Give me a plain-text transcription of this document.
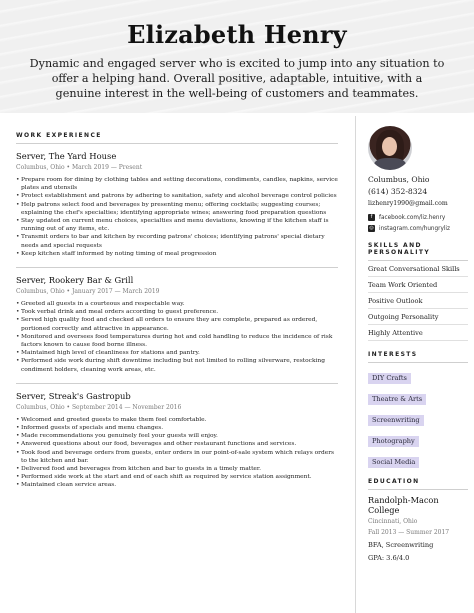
Elizabeth Henry
Dynamic and engaged server who is excited to jump into any situation to offer a helping hand. Overall positive, adaptable, intuitive, with a genuine interest in the well-being of customers and teammates.
WORK EXPERIENCE
Server, The Yard House
Columbus, Ohio • March 2019 — Present
• Prepare room for dining by clothing tables and setting decorations, condiments, candles, napkins, service plates and utensils
• Protect establishment and patrons by adhering to sanitation, safety and alcohol beverage control policies
• Help patrons select food and beverages by presenting menu; offering cocktails; suggesting courses; explaining the chef's specialties; identifying appropriate wines; answering food preparation questions
• Stay updated on current menu choices, specialties and menu deviations, knowing if the kitchen staff is running out of any items, etc.
• Transmit orders to bar and kitchen by recording patrons' choices; identifying patrons' special dietary needs and special requests
• Keep kitchen staff informed by noting timing of meal progression
Server, Rookery Bar & Grill
Columbus, Ohio • January 2017 — March 2019
• Greeted all guests in a courteous and respectable way.
• Took verbal drink and meal orders according to guest preference.
• Served high quality food and checked all orders to ensure they are complete, prepared as ordered, portioned correctly and attractive in appearance.
• Monitored and oversees food temperatures during hot and cold handling to reduce the incidence of risk factors known to cause food borne illness.
• Maintained high level of cleanliness for stations and pantry.
• Performed side work during shift downtime including but not limited to rolling silverware, restocking condiment holders, cleaning work areas, etc.
Server, Streak's Gastropub
Columbus, Ohio • September 2014 — November 2016
• Welcomed and greeted guests to make them feel comfortable.
• Informed guests of specials and menu changes.
• Made recommendations you genuinely feel your guests will enjoy.
• Answered questions about our food, beverages and other restaurant functions and services.
• Took food and beverage orders from guests, enter orders in our point-of-sale system which relays orders to the kitchen and bar.
• Delivered food and beverages from kitchen and bar to guests in a timely matter.
• Performed side work at the start and end of each shift as required by service station assignment.
• Maintained clean service areas.
Columbus, Ohio
(614) 352-8324
lizhenry1990@gmail.com
f	facebook.com/liz.henry
◎ instagram.com/hungryliz
SKILLS AND PERSONALITY
Great Conversational Skills
Team Work Oriented
Positive Outlook
Outgoing Personality
Highly Attentive
INTERESTS
DIY Crafts
Theatre & Arts
Screenwriting
Photography
Social Media
EDUCATION
Randolph-Macon College
Cincinnati, Ohio
Fall 2013 — Summer 2017
BFA, Screenwriting
GPA: 3.6/4.0
